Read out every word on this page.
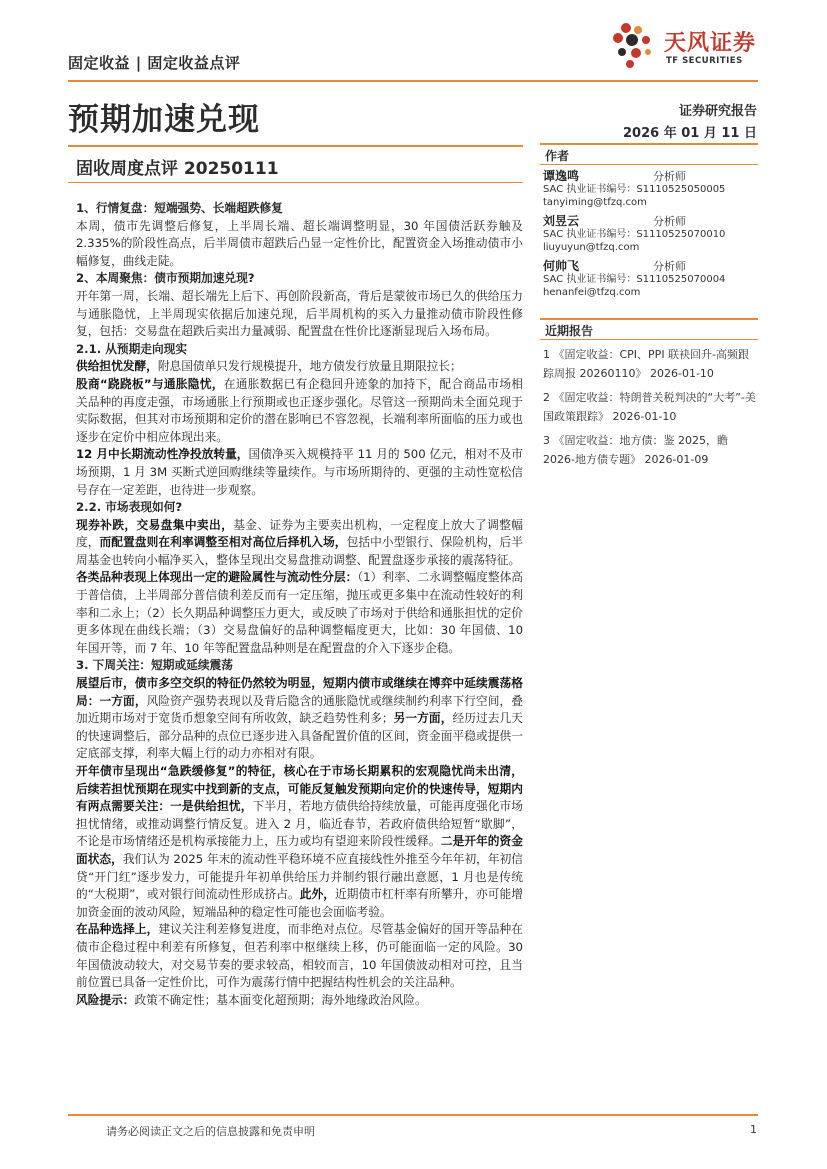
固定收益 | 固定收益点评
天风证券
TF SECURITIES
预期加速兑现	证券研究报告
2026 年 01 月 11 日
固收周度点评 20250111

1、行情复盘：短端强势、长端超跌修复

本周，债市先调整后修复，上半周长端、超长端调整明显，30 年国债活跃券触及 2.335%的阶段性高点，后半周债市超跌后凸显一定性价比，配置资金入场推动债市小幅修复，曲线走陡。

2、本周聚焦：债市预期加速兑现?

开年第一周，长端、超长端先上后下、再创阶段新高，背后是蒙彼市场已久的供给压力与通胀隐忧，上半周现实依据后加速兑现，后半周机构的买入力量推动债市阶段性修复，包括：交易盘在超跌后卖出力量减弱、配置盘在性价比逐渐显现后入场布局。

2.1. 从预期走向现实

供给担忧发酵，附息国债单只发行规模提升，地方债发行放量且期限拉长；

股商“跷跷板”与通胀隐忧，在通胀数据已有企稳回升迹象的加持下，配合商品市场相关品种的再度走强，市场通胀上行预期或也正逐步强化。尽管这一预期尚未全面兑现于实际数据，但其对市场预期和定价的潜在影响已不容忽视，长端利率所面临的压力或也逐步在定价中相应体现出来。

12 月中长期流动性净投放转量，国债净买入规模持平 11 月的 500 亿元，相对不及市场预期，1 月 3M 买断式逆回购继续等量续作。与市场所期待的、更强的主动性宽松信号存在一定差距，也待进一步观察。

2.2. 市场表现如何?

现券补跌，交易盘集中卖出，基金、证券为主要卖出机构，一定程度上放大了调整幅度，而配置盘则在利率调整至相对高位后择机入场，包括中小型银行、保险机构，后半周基金也转向小幅净买入，整体呈现出交易盘推动调整、配置盘逐步承接的震荡特征。

各类品种表现上体现出一定的避险属性与流动性分层：（1）利率、二永调整幅度整体高于普信债，上半周部分普信债利差反而有一定压缩，抛压或更多集中在流动性较好的利率和二永上；（2）长久期品种调整压力更大，或反映了市场对于供给和通胀担忧的定价更多体现在曲线长端；（3）交易盘偏好的品种调整幅度更大，比如：30 年国债、10 年国开等，而 7 年、10 年等配置盘品种则是在配置盘的介入下逐步企稳。

3. 下周关注：短期或延续震荡

展望后市，债市多空交织的特征仍然较为明显，短期内债市或继续在博弈中延续震荡格局：一方面，风险资产强势表现以及背后隐含的通胀隐忧或继续制约利率下行空间，叠加近期市场对于宽货币想象空间有所收敛，缺乏趋势性利多；另一方面，经历过去几天的快速调整后，部分品种的点位已逐步进入具备配置价值的区间，资金面平稳或提供一定底部支撑，利率大幅上行的动力亦相对有限。

开年债市呈现出“急跌缓修复”的特征，核心在于市场长期累积的宏观隐忧尚未出清，后续若担忧预期在现实中找到新的支点，可能反复触发预期向定价的快速传导，短期内有两点需要关注：一是供给担忧，下半月，若地方债供给持续放量，可能再度强化市场担忧情绪，或推动调整行情反复。进入 2 月，临近春节，若政府债供给短暂“歇脚”，不论是市场情绪还是机构承接能力上，压力或均有望迎来阶段性缓释。二是开年的资金面状态，我们认为 2025 年末的流动性平稳环境不应直接线性外推至今年年初，年初信贷“开门红”逐步发力，可能提升年初单供给压力并制约银行融出意愿，1 月也是传统的“大税期”，或对银行间流动性形成挤占。此外，近期债市杠杆率有所攀升，亦可能增加资金面的波动风险，短端品种的稳定性可能也会面临考验。

在品种选择上，建议关注利差修复进度，而非绝对点位。尽管基金偏好的国开等品种在债市企稳过程中利差有所修复，但若利率中枢继续上移，仍可能面临一定的风险。30 年国债波动较大，对交易节奏的要求较高，相较而言，10 年国债波动相对可控，且当前位置已具备一定性价比，可作为震荡行情中把握结构性机会的关注品种。

风险提示：政策不确定性；基本面变化超预期；海外地缘政治风险。

作者
谭逸鸣	分析师
SAC 执业证书编号：S1110525050005
tanyiming@tfzq.com
刘昱云	分析师
SAC 执业证书编号：S1110525070010
liuyuyun@tfzq.com
何帅飞	分析师
SAC 执业证书编号：S1110525070004
henanfei@tfzq.com
近期报告
1 《固定收益：CPI、PPI 联袂回升-高频跟踪周报 20260110》 2026-01-10
2 《固定收益：特朗普关税判决的“大考”-美国政策跟踪》 2026-01-10
3 《固定收益：地方债：鉴 2025，瞻 2026-地方债专题》 2026-01-09
请务必阅读正文之后的信息披露和免责申明	1
